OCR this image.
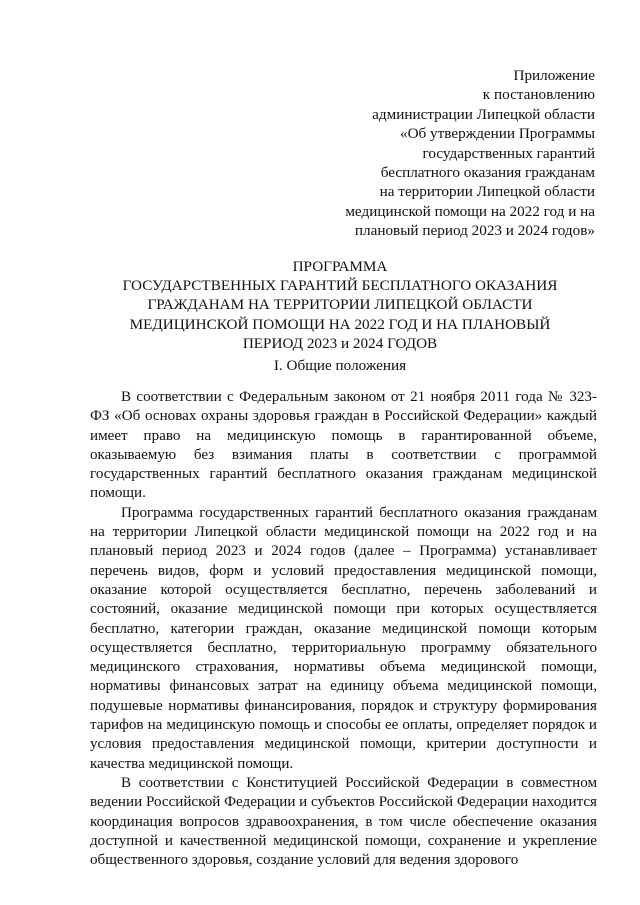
Приложение
к постановлению
администрации Липецкой области
«Об утверждении Программы
государственных гарантий
бесплатного оказания гражданам
на территории Липецкой области
медицинской помощи на 2022 год и на
плановый период 2023 и 2024 годов»
ПРОГРАММА
ГОСУДАРСТВЕННЫХ ГАРАНТИЙ БЕСПЛАТНОГО ОКАЗАНИЯ
ГРАЖДАНАМ НА ТЕРРИТОРИИ ЛИПЕЦКОЙ ОБЛАСТИ
МЕДИЦИНСКОЙ ПОМОЩИ НА 2022 ГОД И НА ПЛАНОВЫЙ
ПЕРИОД 2023 и 2024 ГОДОВ
I. Общие положения

В соответствии с Федеральным законом от 21 ноября 2011 года № 323-ФЗ «Об основах охраны здоровья граждан в Российской Федерации» каждый имеет право на медицинскую помощь в гарантированной объеме, оказываемую без взимания платы в соответствии с программой государственных гарантий бесплатного оказания гражданам медицинской помощи.

Программа государственных гарантий бесплатного оказания гражданам на территории Липецкой области медицинской помощи на 2022 год и на плановый период 2023 и 2024 годов (далее – Программа) устанавливает перечень видов, форм и условий предоставления медицинской помощи, оказание которой осуществляется бесплатно, перечень заболеваний и состояний, оказание медицинской помощи при которых осуществляется бесплатно, категории граждан, оказание медицинской помощи которым осуществляется бесплатно, территориальную программу обязательного медицинского страхования, нормативы объема медицинской помощи, нормативы финансовых затрат на единицу объема медицинской помощи, подушевые нормативы финансирования, порядок и структуру формирования тарифов на медицинскую помощь и способы ее оплаты, определяет порядок и условия предоставления медицинской помощи, критерии доступности и качества медицинской помощи.

В соответствии с Конституцией Российской Федерации в совместном ведении Российской Федерации и субъектов Российской Федерации находится координация вопросов здравоохранения, в том числе обеспечение оказания доступной и качественной медицинской помощи, сохранение и укрепление общественного здоровья, создание условий для ведения здорового
